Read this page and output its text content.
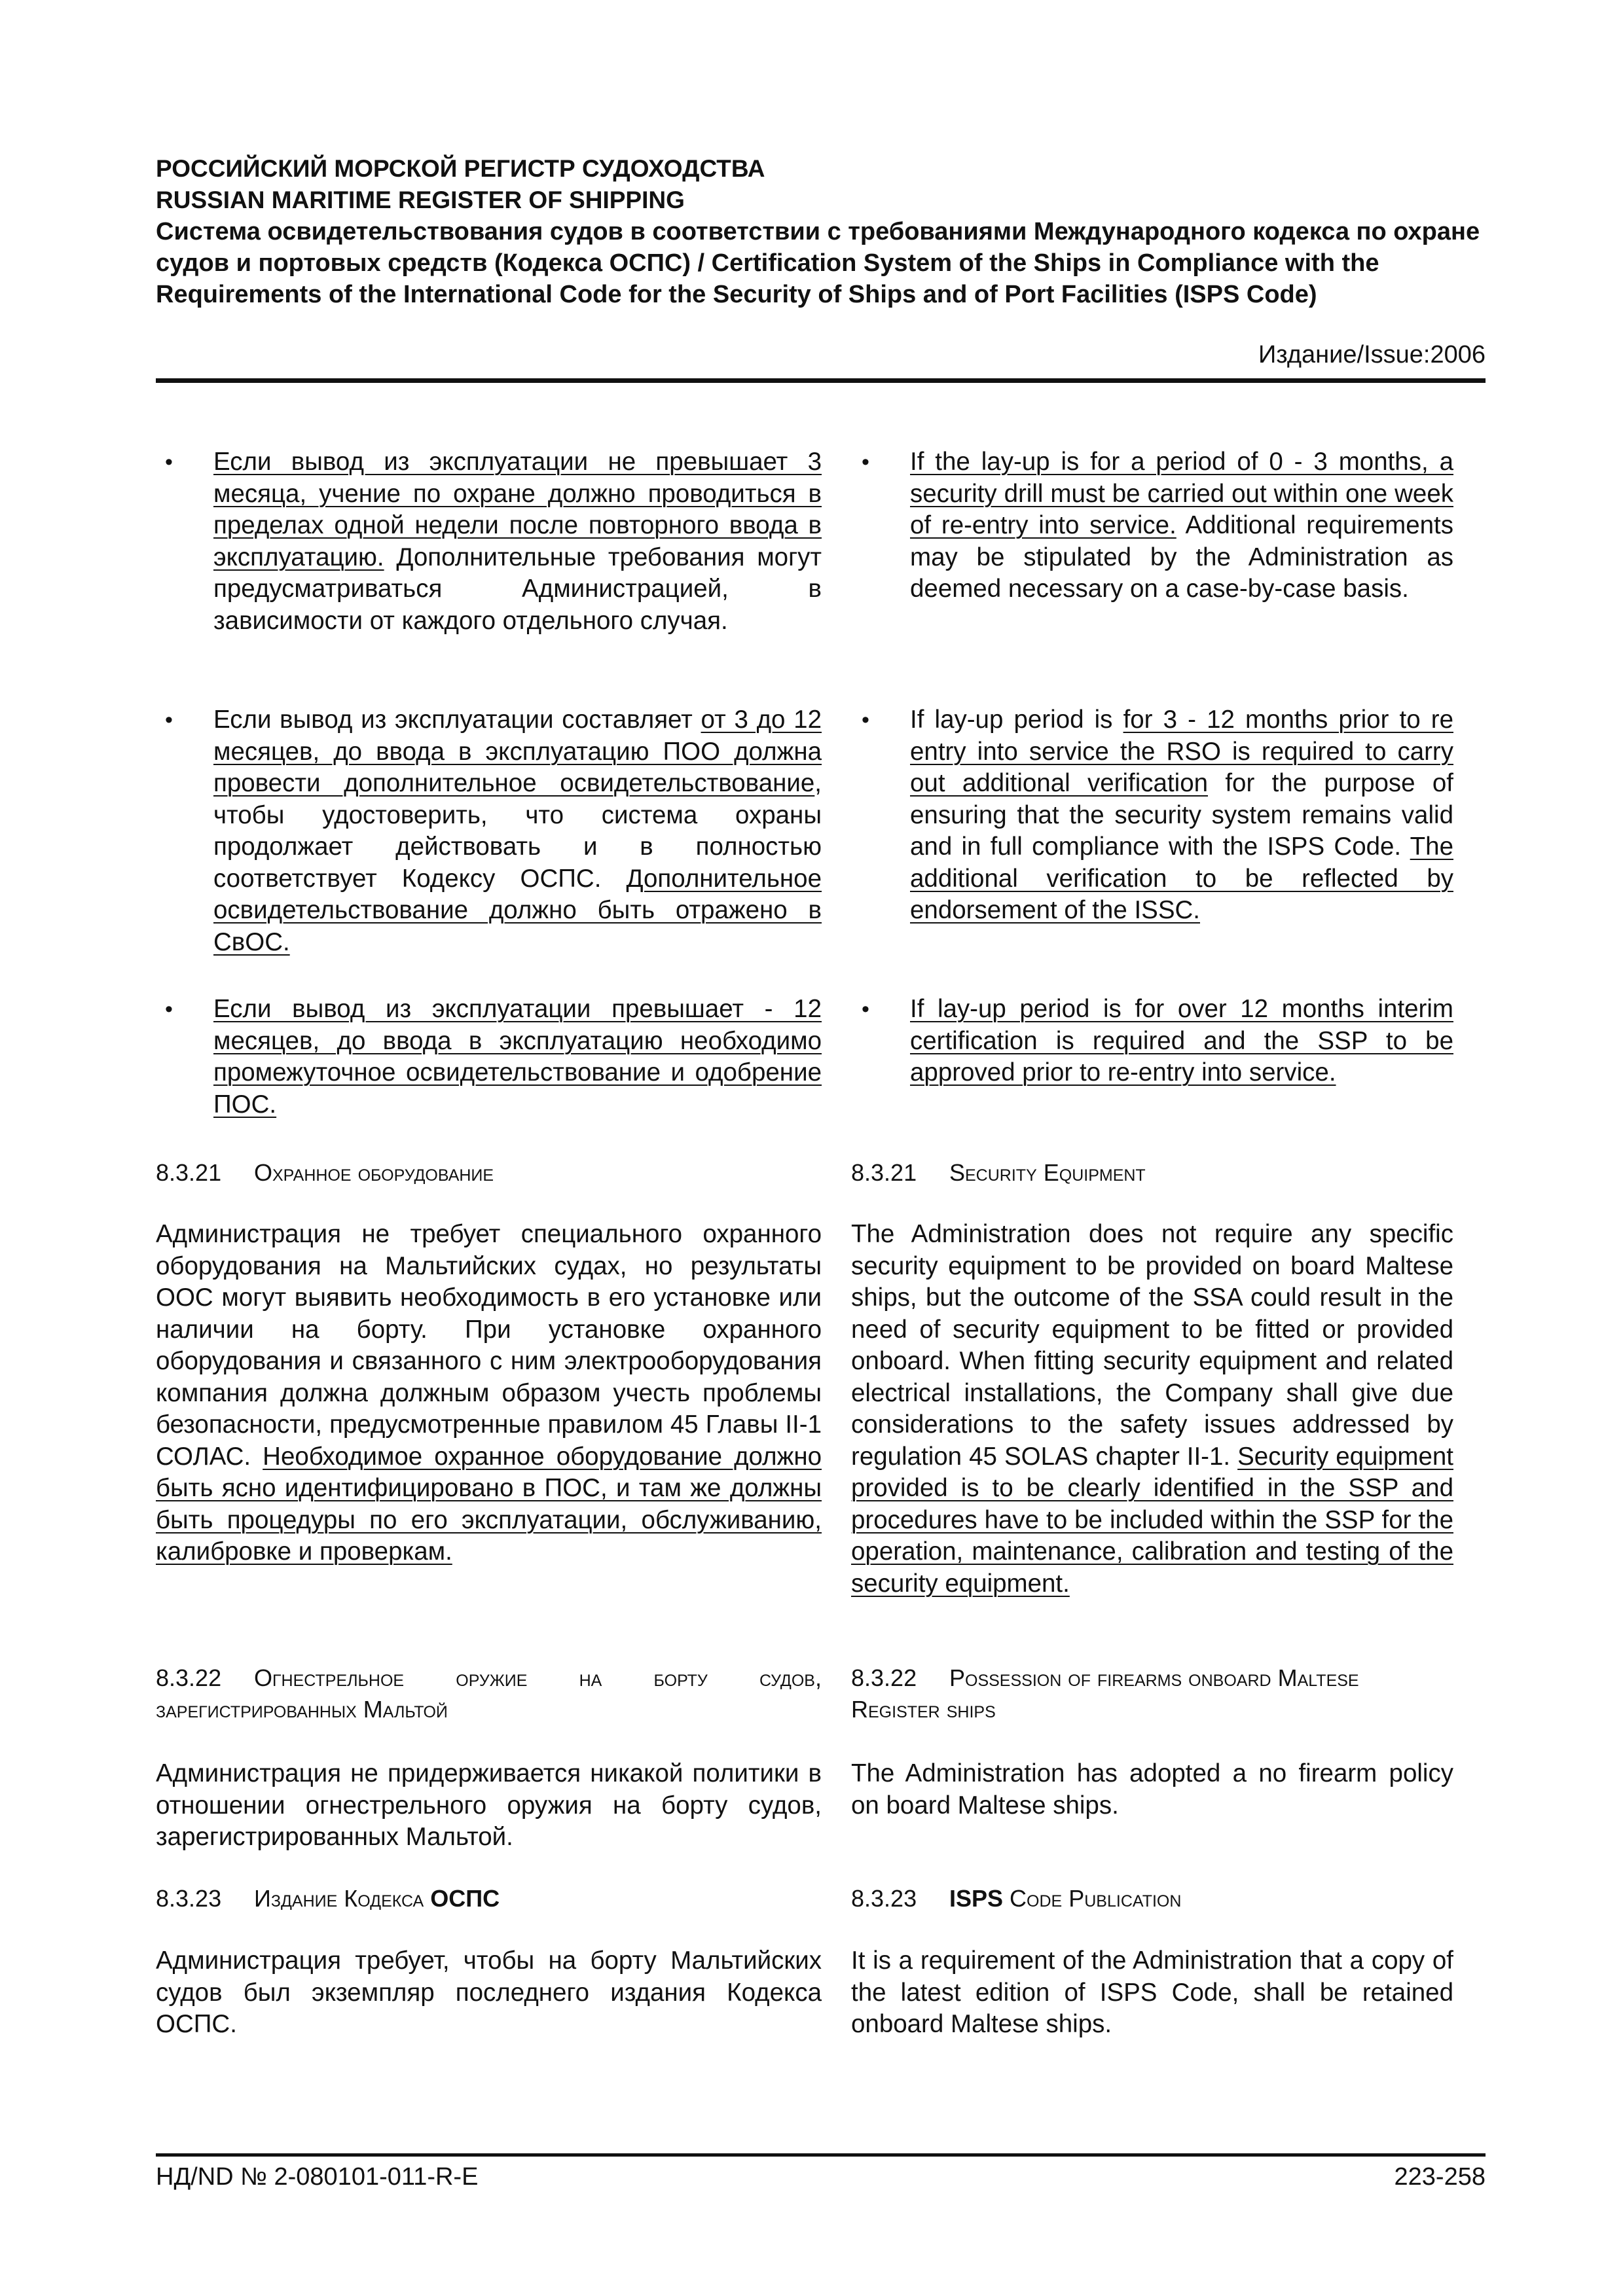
РОССИЙСКИЙ МОРСКОЙ РЕГИСТР СУДОХОДСТВА
RUSSIAN MARITIME REGISTER OF SHIPPING
Система освидетельствования судов в соответствии с требованиями Международного кодекса по охране судов и портовых средств (Кодекса ОСПС) / Certification System of the Ships in Compliance with the Requirements of the International Code for the Security of Ships and of Port Facilities (ISPS Code)
Издание/Issue:2006
• Если вывод из эксплуатации не превышает 3 месяца, учение по охране должно проводиться в пределах одной недели после повторного ввода в эксплуатацию. Дополнительные требования могут предусматриваться Администрацией, в зависимости от каждого отдельного случая.
• Если вывод из эксплуатации составляет от 3 до 12 месяцев, до ввода в эксплуатацию ПОО должна провести дополнительное освидетельствование, чтобы удостоверить, что система охраны продолжает действовать и в полностью соответствует Кодексу ОСПС. Дополнительное освидетельствование должно быть отражено в СвОС.
• Если вывод из эксплуатации превышает - 12 месяцев, до ввода в эксплуатацию необходимо промежуточное освидетельствование и одобрение ПОС.
8.3.21 Охранное оборудование
Администрация не требует специального охранного оборудования на Мальтийских судах, но результаты ООС могут выявить необходимость в его установке или наличии на борту. При установке охранного оборудования и связанного с ним электрооборудования компания должна должным образом учесть проблемы безопасности, предусмотренные правилом 45 Главы II-1 СОЛАС. Необходимое охранное оборудование должно быть ясно идентифицировано в ПОС, и там же должны быть процедуры по его эксплуатации, обслуживанию, калибровке и проверкам.
8.3.22 Огнестрельное оружие на борту судов, зарегистрированных Мальтой
Администрация не придерживается никакой политики в отношении огнестрельного оружия на борту судов, зарегистрированных Мальтой.
8.3.23 Издание Кодекса ОСПС
Администрация требует, чтобы на борту Мальтийских судов был экземпляр последнего издания Кодекса ОСПС.
• If the lay-up is for a period of 0 - 3 months, a security drill must be carried out within one week of re-entry into service. Additional requirements may be stipulated by the Administration as deemed necessary on a case-by-case basis.
• If lay-up period is for 3 - 12 months prior to re entry into service the RSO is required to carry out additional verification for the purpose of ensuring that the security system remains valid and in full compliance with the ISPS Code. The additional verification to be reflected by endorsement of the ISSC.
• If lay-up period is for over 12 months interim certification is required and the SSP to be approved prior to re-entry into service.
8.3.21 Security Equipment
The Administration does not require any specific security equipment to be provided on board Maltese ships, but the outcome of the SSA could result in the need of security equipment to be fitted or provided onboard. When fitting security equipment and related electrical installations, the Company shall give due considerations to the safety issues addressed by regulation 45 SOLAS chapter II-1. Security equipment provided is to be clearly identified in the SSP and procedures have to be included within the SSP for the operation, maintenance, calibration and testing of the security equipment.
8.3.22 Possession of firearms onboard Maltese Register ships
The Administration has adopted a no firearm policy on board Maltese ships.
8.3.23 ISPS Code Publication
It is a requirement of the Administration that a copy of the latest edition of ISPS Code, shall be retained onboard Maltese ships.
НД/ND № 2-080101-011-R-E	223-258
